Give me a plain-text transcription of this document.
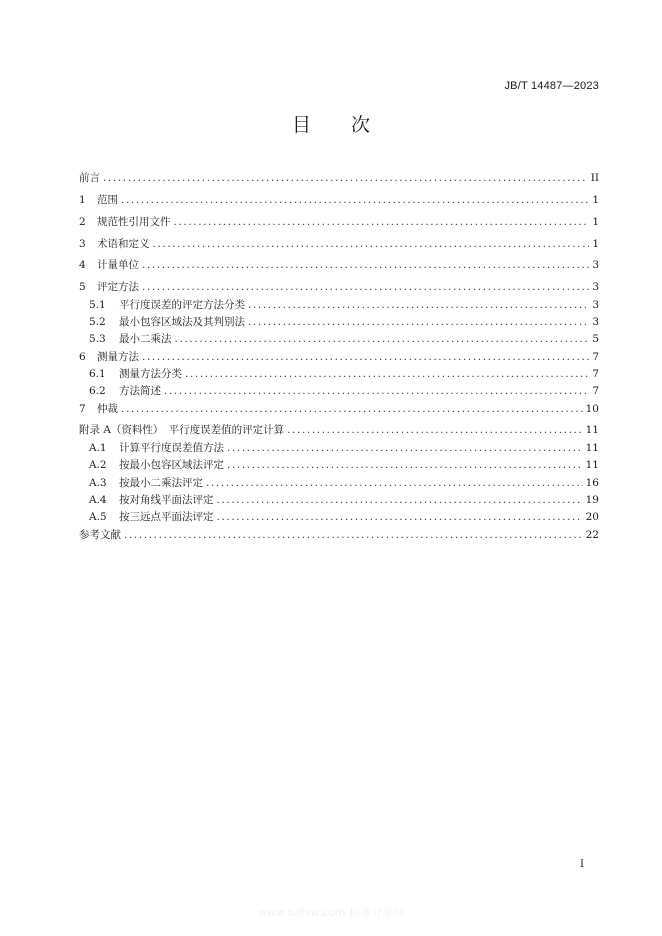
JB/T 14487—2023
目 次
前言 .....	II
1	范围 .....	1
2	规范性引用文件 .....	1
3	术语和定义 .....	1
4	计量单位 .....	3
5	评定方法 .....	3
5.1	平行度误差的评定方法分类 .....	3
5.2	最小包容区域法及其判别法 .....	3
5.3	最小二乘法 .....	5
6	测量方法 .....	7
6.1	测量方法分类 .....	7
6.2	方法简述 .....	7
7	仲裁 .....	10
附录 A（资料性）　平行度误差值的评定计算 .....	11
A.1	计算平行度误差值方法 .....	11
A.2	按最小包容区域法评定 .....	11
A.3	按最小二乘法评定 .....	16
A.4	按对角线平面法评定 .....	19
A.5	按三远点平面法评定 .....	20
参考文献 .....	22
I
www.bzfxw.com 标准分享网
